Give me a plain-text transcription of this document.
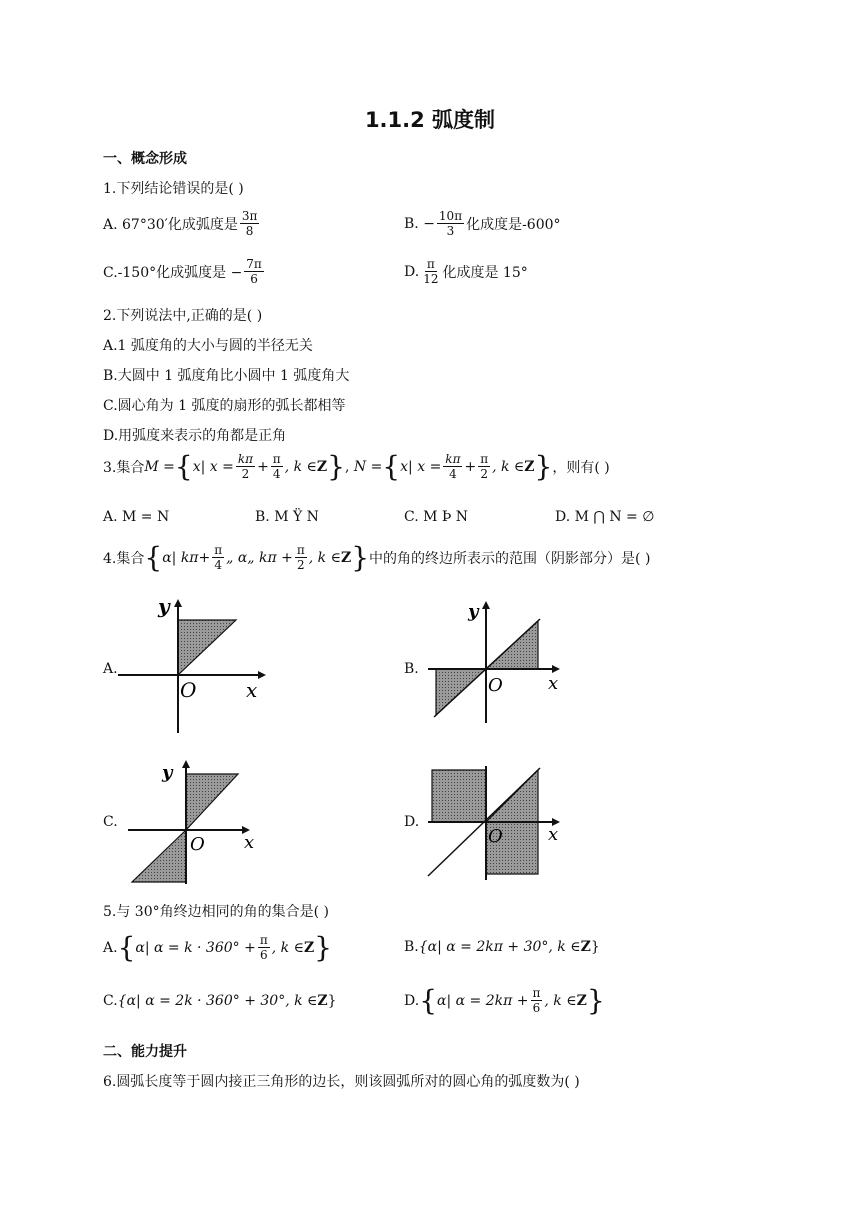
1.1.2 弧度制
一、概念形成
1.下列结论错误的是( )
A. 67°30′化成弧度是 $\frac{3\pi}{8}$	B. − $\frac{10\pi}{3}$ 化成度是-600°
C.-150°化成弧度是 − $\frac{7\pi}{6}$	D. $\frac{\pi}{12}$ 化成度是 15°
2.下列说法中,正确的是( )
A.1 弧度角的大小与圆的半径无关
B.大圆中 1 弧度角比小圆中 1 弧度角大
C.圆心角为 1 弧度的扇形的弧长都相等
D.用弧度来表示的角都是正角
3.集合 M
= { x |
x
= $\frac{k\pi}{2} + \frac{\pi}{4}$ , k ∈ Z } ,
N
= { x |
x
= $\frac{k\pi}{4} + \frac{\pi}{2}$ , k ∈ Z } ，则有( )
A. M = N	B. M Ÿ N	C. M Þ N	D. M ⋂ N = ∅
4.集合 { α |
$k\pi + \frac{\pi}{4}$ „ α„ $k\pi + \frac{\pi}{2}$ , k ∈ Z } 中的角的终边所表示的范围（阴影部分）是( )
A.
y
O x
B.
y
O	x
C.
y
O x
D.
O	x
5.与 30°角终边相同的角的集合是( )
A. { α| $\alpha = k \cdot 360^\circ + \frac{\pi}{6}$ , k ∈ Z }	B. {α| α = 2kπ + 30°, k ∈ Z }
C. {α| α = 2k · 360° + 30°, k ∈ Z }	D. { α| $\alpha = 2k\pi + \frac{\pi}{6}$ , k ∈ Z }
二、能力提升
6.圆弧长度等于圆内接正三角形的边长，则该圆弧所对的圆心角的弧度数为( )
